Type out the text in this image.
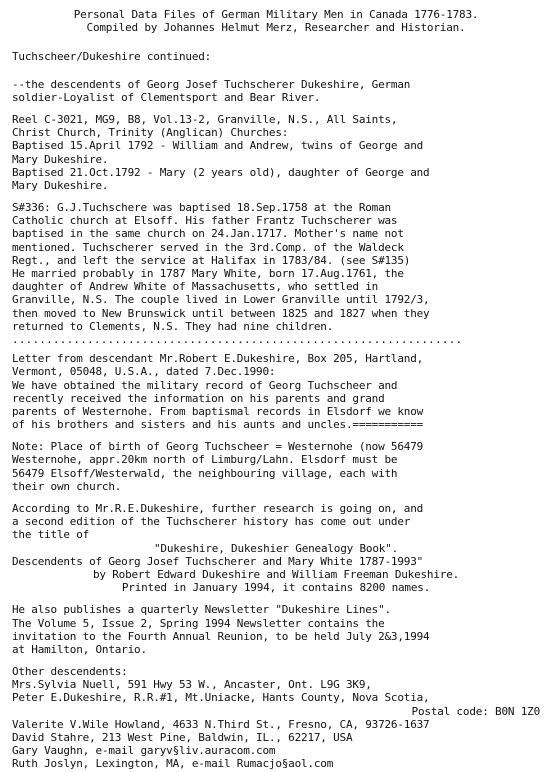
Personal Data Files of German Military Men in Canada 1776-1783.
Compiled by Johannes Helmut Merz, Researcher and Historian.
Tuchscheer/Dukeshire continued:
--the descendents of Georg Josef Tuchscherer Dukeshire, German
soldier-Loyalist of Clementsport and Bear River.
Reel C-3021, MG9, B8, Vol.13-2, Granville, N.S., All Saints,
Christ Church, Trinity (Anglican) Churches:
Baptised 15.April 1792 - William and Andrew, twins of George and
Mary Dukeshire.
Baptised 21.Oct.1792 - Mary (2 years old), daughter of George and
Mary Dukeshire.
S#336: G.J.Tuchschere was baptised 18.Sep.1758 at the Roman
Catholic church at Elsoff. His father Frantz Tuchscherer was
baptised in the same church on 24.Jan.1717. Mother's name not
mentioned. Tuchscherer served in the 3rd.Comp. of the Waldeck
Regt., and left the service at Halifax in 1783/84. (see S#135)
He married probably in 1787 Mary White, born 17.Aug.1761, the
daughter of Andrew White of Massachusetts, who settled in
Granville, N.S. The couple lived in Lower Granville until 1792/3,
then moved to New Brunswick until between 1825 and 1827 when they
returned to Clements, N.S. They had nine children.
..................................................................
Letter from descendant Mr.Robert E.Dukeshire, Box 205, Hartland,
Vermont, 05048, U.S.A., dated 7.Dec.1990:
We have obtained the military record of Georg Tuchscheer and
recently received the information on his parents and grand
parents of Westernohe. From baptismal records in Elsdorf we know
of his brothers and sisters and his aunts and uncles.===========
Note: Place of birth of Georg Tuchscheer = Westernohe (now 56479
Westernohe, appr.20km north of Limburg/Lahn. Elsdorf must be
56479 Elsoff/Westerwald, the neighbouring village, each with
their own church.
According to Mr.R.E.Dukeshire, further research is going on, and
a second edition of the Tuchscherer history has come out under
the title of
"Dukeshire, Dukeshier Genealogy Book".
Descendents of Georg Josef Tuchscherer and Mary White 1787-1993"
by Robert Edward Dukeshire and William Freeman Dukeshire.
Printed in January 1994, it contains 8200 names.
He also publishes a quarterly Newsletter "Dukeshire Lines".
The Volume 5, Issue 2, Spring 1994 Newsletter contains the
invitation to the Fourth Annual Reunion, to be held July 2&3,1994
at Hamilton, Ontario.
Other descendents:
Mrs.Sylvia Nuell, 591 Hwy 53 W., Ancaster, Ont. L9G 3K9,
Peter E.Dukeshire, R.R.#1, Mt.Uniacke, Hants County, Nova Scotia,
Postal code: B0N 1Z0
Valerite V.Wile Howland, 4633 N.Third St., Fresno, CA, 93726-1637
David Stahre, 213 West Pine, Baldwin, IL., 62217, USA
Gary Vaughn, e-mail garyv§liv.auracom.com
Ruth Joslyn, Lexington, MA, e-mail Rumacjo§aol.com
